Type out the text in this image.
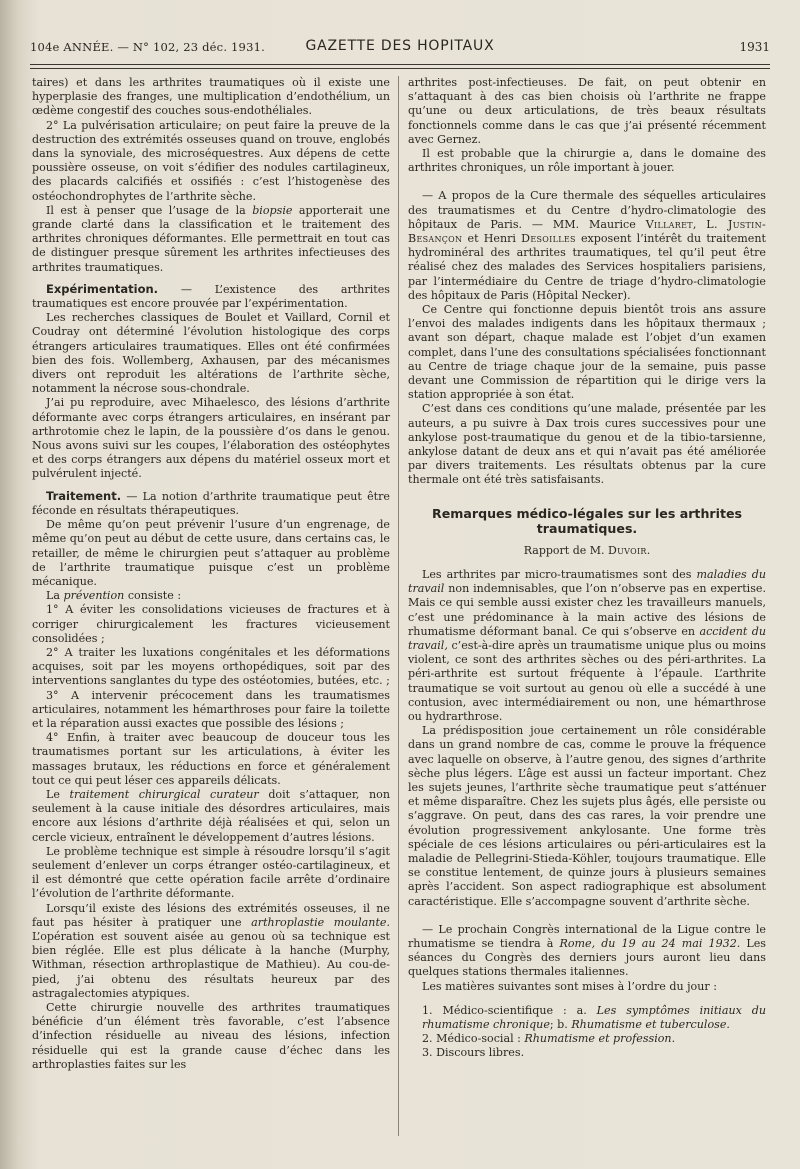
104e ANNÉE. — N° 102, 23 déc. 1931.	GAZETTE DES HOPITAUX	1931

taires) et dans les arthrites traumatiques où il existe une hyperplasie des franges, une multiplication d’endothélium, un œdème congestif des couches sous-endothéliales.

2° La pulvérisation articulaire; on peut faire la preuve de la destruction des extrémités osseuses quand on trouve, englobés dans la synoviale, des microséquestres. Aux dépens de cette poussière osseuse, on voit s’édifier des nodules cartilagineux, des placards calcifiés et ossifiés : c’est l’histogenèse des ostéochondrophytes de l’arthrite sèche.

Il est à penser que l’usage de la biopsie apporterait une grande clarté dans la classification et le traitement des arthrites chroniques déformantes. Elle permettrait en tout cas de distinguer presque sûrement les arthrites infectieuses des arthrites traumatiques.

Expérimentation. — L’existence des arthrites traumatiques est encore prouvée par l’expérimentation.

Les recherches classiques de Boulet et Vaillard, Cornil et Coudray ont déterminé l’évolution histologique des corps étrangers articulaires traumatiques. Elles ont été confirmées bien des fois. Wollemberg, Axhausen, par des mécanismes divers ont reproduit les altérations de l’arthrite sèche, notamment la nécrose sous-chondrale.

J’ai pu reproduire, avec Mihaelesco, des lésions d’arthrite déformante avec corps étrangers articulaires, en insérant par arthrotomie chez le lapin, de la poussière d’os dans le genou. Nous avons suivi sur les coupes, l’élaboration des ostéophytes et des corps étrangers aux dépens du matériel osseux mort et pulvérulent injecté.

Traitement. — La notion d’arthrite traumatique peut être féconde en résultats thérapeutiques.

De même qu’on peut prévenir l’usure d’un engrenage, de même qu’on peut au début de cette usure, dans certains cas, le retailler, de même le chirurgien peut s’attaquer au problème de l’arthrite traumatique puisque c’est un problème mécanique.

La prévention consiste :

1° A éviter les consolidations vicieuses de fractures et à corriger chirurgicalement les fractures vicieusement consolidées ;

2° A traiter les luxations congénitales et les déformations acquises, soit par les moyens orthopédiques, soit par des interventions sanglantes du type des ostéotomies, butées, etc. ;

3° A intervenir précocement dans les traumatismes articulaires, notamment les hémarthroses pour faire la toilette et la réparation aussi exactes que possible des lésions ;

4° Enfin, à traiter avec beaucoup de douceur tous les traumatismes portant sur les articulations, à éviter les massages brutaux, les réductions en force et généralement tout ce qui peut léser ces appareils délicats.

Le traitement chirurgical curateur doit s’attaquer, non seulement à la cause initiale des désordres articulaires, mais encore aux lésions d’arthrite déjà réalisées et qui, selon un cercle vicieux, entraînent le développement d’autres lésions.

Le problème technique est simple à résoudre lorsqu’il s’agit seulement d’enlever un corps étranger ostéo-cartilagineux, et il est démontré que cette opération facile arrête d’ordinaire l’évolution de l’arthrite déformante.

Lorsqu’il existe des lésions des extrémités osseuses, il ne faut pas hésiter à pratiquer une arthroplastie moulante. L’opération est souvent aisée au genou où sa technique est bien réglée. Elle est plus délicate à la hanche (Murphy, Withman, résection arthroplastique de Mathieu). Au cou-de-pied, j’ai obtenu des résultats heureux par des astragalectomies atypiques.

Cette chirurgie nouvelle des arthrites traumatiques bénéficie d’un élément très favorable, c’est l’absence d’infection résiduelle au niveau des lésions, infection résiduelle qui est la grande cause d’échec dans les arthroplasties faites sur les

arthrites post-infectieuses. De fait, on peut obtenir en s’attaquant à des cas bien choisis où l’arthrite ne frappe qu’une ou deux articulations, de très beaux résultats fonctionnels comme dans le cas que j’ai présenté récemment avec Gernez.

Il est probable que la chirurgie a, dans le domaine des arthrites chroniques, un rôle important à jouer.

— A propos de la Cure thermale des séquelles articulaires des traumatismes et du Centre d’hydro-climatologie des hôpitaux de Paris. — MM. Maurice Villaret, L. Justin-Besançon et Henri Desoilles exposent l’intérêt du traitement hydrominéral des arthrites traumatiques, tel qu’il peut être réalisé chez des malades des Services hospitaliers parisiens, par l’intermédiaire du Centre de triage d’hydro-climatologie des hôpitaux de Paris (Hôpital Necker).

Ce Centre qui fonctionne depuis bientôt trois ans assure l’envoi des malades indigents dans les hôpitaux thermaux ; avant son départ, chaque malade est l’objet d’un examen complet, dans l’une des consultations spécialisées fonctionnant au Centre de triage chaque jour de la semaine, puis passe devant une Commission de répartition qui le dirige vers la station appropriée à son état.

C’est dans ces conditions qu’une malade, présentée par les auteurs, a pu suivre à Dax trois cures successives pour une ankylose post-traumatique du genou et de la tibio-tarsienne, ankylose datant de deux ans et qui n’avait pas été améliorée par divers traitements. Les résultats obtenus par la cure thermale ont été très satisfaisants.

Remarques médico-légales sur les arthrites traumatiques.
Rapport de M. Duvoir.

Les arthrites par micro-traumatismes sont des maladies du travail non indemnisables, que l’on n’observe pas en expertise. Mais ce qui semble aussi exister chez les travailleurs manuels, c’est une prédominance à la main active des lésions de rhumatisme déformant banal. Ce qui s’observe en accident du travail, c’est-à-dire après un traumatisme unique plus ou moins violent, ce sont des arthrites sèches ou des péri-arthrites. La péri-arthrite est surtout fréquente à l’épaule. L’arthrite traumatique se voit surtout au genou où elle a succédé à une contusion, avec intermédiairement ou non, une hémarthrose ou hydrarthrose.

La prédisposition joue certainement un rôle considérable dans un grand nombre de cas, comme le prouve la fréquence avec laquelle on observe, à l’autre genou, des signes d’arthrite sèche plus légers. L’âge est aussi un facteur important. Chez les sujets jeunes, l’arthrite sèche traumatique peut s’atténuer et même disparaître. Chez les sujets plus âgés, elle persiste ou s’aggrave. On peut, dans des cas rares, la voir prendre une évolution progressivement ankylosante. Une forme très spéciale de ces lésions articulaires ou péri-articulaires est la maladie de Pellegrini-Stieda-Köhler, toujours traumatique. Elle se constitue lentement, de quinze jours à plusieurs semaines après l’accident. Son aspect radiographique est absolument caractéristique. Elle s’accompagne souvent d’arthrite sèche.

— Le prochain Congrès international de la Ligue contre le rhumatisme se tiendra à Rome, du 19 au 24 mai 1932. Les séances du Congrès des derniers jours auront lieu dans quelques stations thermales italiennes.

Les matières suivantes sont mises à l’ordre du jour :

1. Médico-scientifique : a. Les symptômes initiaux du rhumatisme chronique; b. Rhumatisme et tuberculose.
2. Médico-social : Rhumatisme et profession.
3. Discours libres.
